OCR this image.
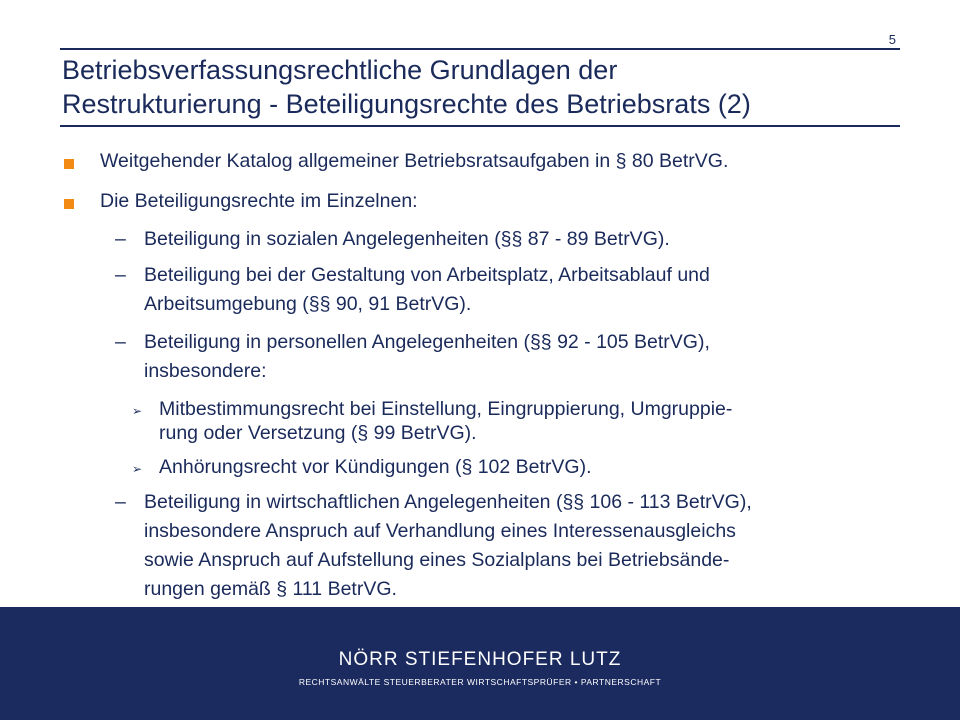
5
Betriebsverfassungsrechtliche Grundlagen der
Restrukturierung - Beteiligungsrechte des Betriebsrats (2)
Weitgehender Katalog allgemeiner Betriebsratsaufgaben in § 80 BetrVG.
Die Beteiligungsrechte im Einzelnen:
– Beteiligung in sozialen Angelegenheiten (§§ 87 - 89 BetrVG).
– Beteiligung bei der Gestaltung von Arbeitsplatz, Arbeitsablauf und
Arbeitsumgebung (§§ 90, 91 BetrVG).
– Beteiligung in personellen Angelegenheiten (§§ 92 - 105 BetrVG),
insbesondere:
➢ Mitbestimmungsrecht bei Einstellung, Eingruppierung, Umgruppie-
rung oder Versetzung (§ 99 BetrVG).
➢ Anhörungsrecht vor Kündigungen (§ 102 BetrVG).
– Beteiligung in wirtschaftlichen Angelegenheiten (§§ 106 - 113 BetrVG),
insbesondere Anspruch auf Verhandlung eines Interessenausgleichs
sowie Anspruch auf Aufstellung eines Sozialplans bei Betriebsände-
rungen gemäß § 111 BetrVG.
NÖRR STIEFENHOFER LUTZ
RECHTSANWÄLTE STEUERBERATER WIRTSCHAFTSPRÜFER • PARTNERSCHAFT
